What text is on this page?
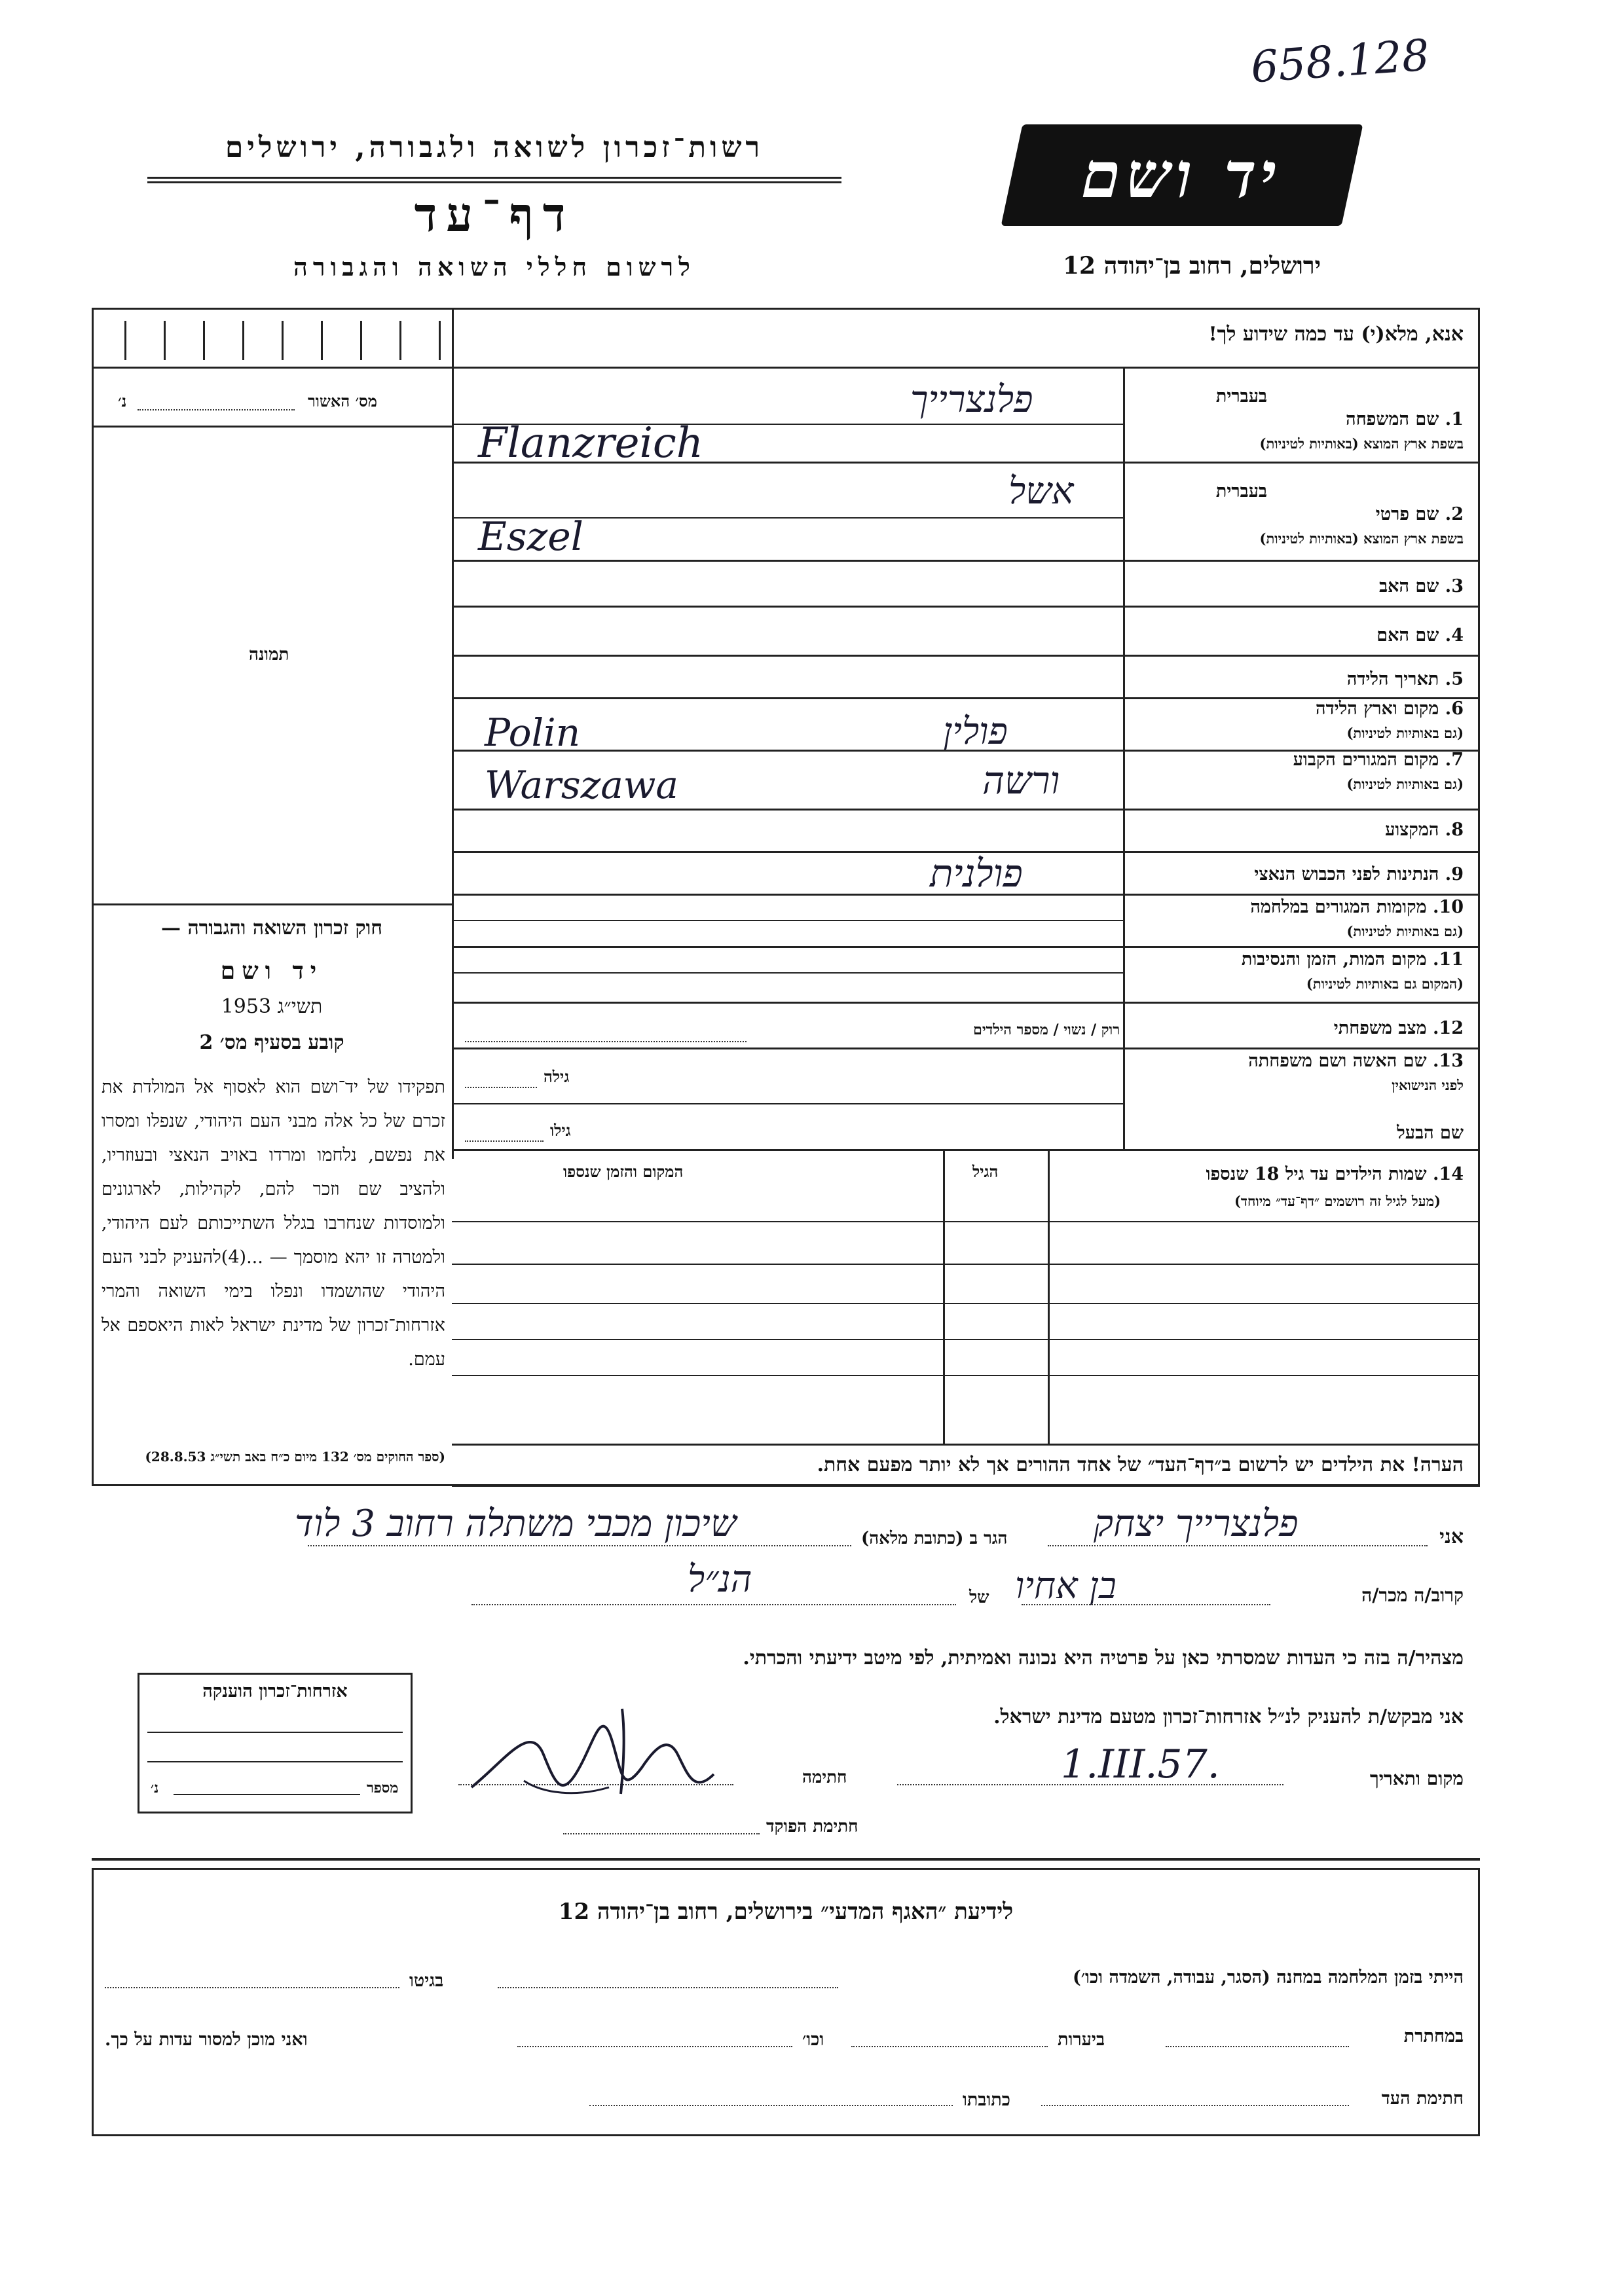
658.128
רשות־זכרון לשואה ולגבורה, ירושלים
דף־עד
לרשום חללי השואה והגבורה
יד ושם
ירושלים, רחוב בן־יהודה 12
מס׳ האשור
נ׳
תמונה
חוק זכרון השואה והגבורה —
יד ושם
תשי״ג 1953
קובע בסעיף מס׳ 2
תפקידו של יד־ושם הוא לאסוף אל המולדת את זכרם של כל אלה מבני העם היהודי, שנפלו ומסרו את נפשם, נלחמו ומרדו באויב הנאצי ובעוזריו, ולהציב שם וזכר להם, לקהילות, לארגונים ולמוסדות שנחרבו בגלל השתייכותם לעם היהודי, ולמטרה זו יהא מוסמך — ...(4)להעניק לבני העם היהודי שהושמדו ונפלו בימי השואה והמרי אזרחות־זכרון של מדינת ישראל לאות היאספם אל עמם.
(ספר החוקים מס׳ 132 מיום כ״ח באב תשי״ג 28.8.53)
אנא, מלא(י) עד כמה שידוע לך!
בעברית
1. שם המשפחה
בשפת ארץ המוצא (באותיות לטיניות)
פלנצרייך
Flanzreich
בעברית
2. שם פרטי
בשפת ארץ המוצא (באותיות לטיניות)
אשל
Eszel
3. שם האב
4. שם האם
5. תאריך הלידה
6. מקום וארץ הלידה
(גם באותיות לטיניות)
פולין
Polin
7. מקום המגורים הקבוע
(גם באותיות לטיניות)
ורשה
Warszawa
8. המקצוע
9. הנתינות לפני הכבוש הנאצי
פולנית
10. מקומות המגורים במלחמה
(גם באותיות לטיניות)
11. מקום המות, הזמן והנסיבות
(המקום גם באותיות לטיניות)
12. מצב משפחתי
רוק / נשוי / מספר הילדים
13. שם האשה ושם משפחתה
לפני הנישואין
גילה
שם הבעל
גילו
14. שמות הילדים עד גיל 18 שנספו
(מעל לגיל זה רושמים ״דף־עד״ מיוחד)
הגיל
המקום והזמן שנספו
הערה! את הילדים יש לרשום ב״דף־העד״ של אחד ההורים אך לא יותר מפעם אחת.
אני
פלנצרייך יצחק
הגר ב (כתובת מלאה)
שיכון מכבי משתלה רחוב 3 לוד
קרוב/ה מכר/ה
בן אחיו
של
הנ״ל
מצהיר/ה בזה כי העדות שמסרתי כאן על פרטיה היא נכונה ואמיתית, לפי מיטב ידיעתי והכרתי.
אני מבקש/ת להעניק לנ״ל אזרחות־זכרון מטעם מדינת ישראל.
מקום ותאריך
1.III.57.
חתימה
חתימת הפוקד
אזרחות־זכרון הוענקה
מספר
נ׳
לידיעת ״האגף המדעי״ בירושלים, רחוב בן־יהודה 12
הייתי בזמן המלחמה במחנה (הסגר, עבודה, השמדה וכו׳)
בגיטו
במחתרת
ביערות
וכו׳
ואני מוכן למסור עדות על כך.
חתימת העד
כתובתו
